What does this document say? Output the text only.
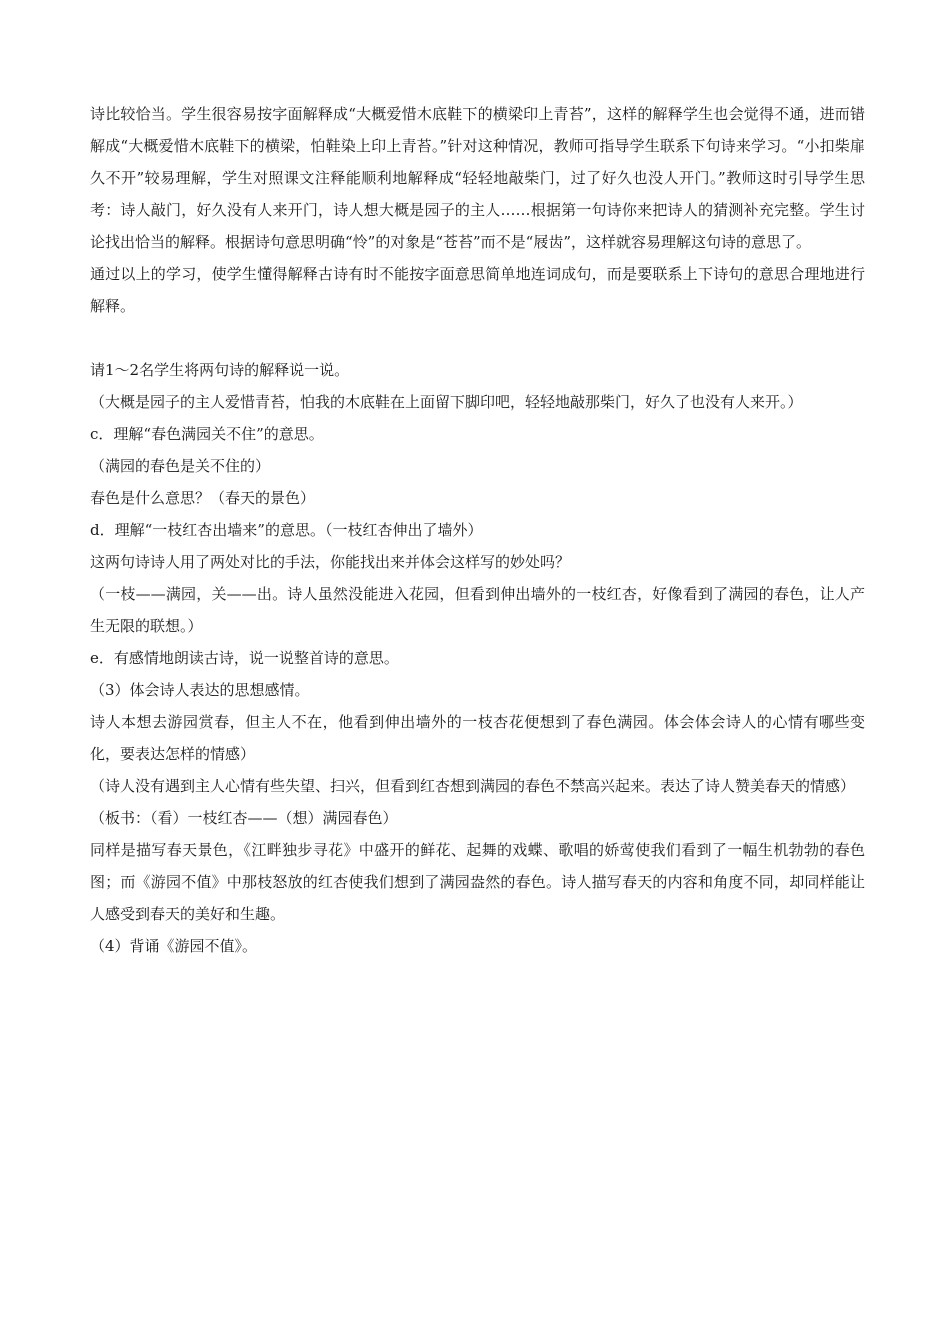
诗比较恰当。学生很容易按字面解释成“大概爱惜木底鞋下的横梁印上青苔”，这样的解释学生也会觉得不通，进而错解成“大概爱惜木底鞋下的横梁，怕鞋染上印上青苔。”针对这种情况，教师可指导学生联系下句诗来学习。“小扣柴扉久不开”较易理解，学生对照课文注释能顺利地解释成“轻轻地敲柴门，过了好久也没人开门。”教师这时引导学生思考：诗人敲门，好久没有人来开门，诗人想大概是园子的主人……根据第一句诗你来把诗人的猜测补充完整。学生讨论找出恰当的解释。根据诗句意思明确“怜”的对象是“苍苔”而不是“屐齿”，这样就容易理解这句诗的意思了。

通过以上的学习，使学生懂得解释古诗有时不能按字面意思简单地连词成句，而是要联系上下诗句的意思合理地进行解释。

请1～2名学生将两句诗的解释说一说。

（大概是园子的主人爱惜青苔，怕我的木底鞋在上面留下脚印吧，轻轻地敲那柴门，好久了也没有人来开。）

c．理解“春色满园关不住”的意思。

（满园的春色是关不住的）

春色是什么意思？（春天的景色）

d．理解“一枝红杏出墙来”的意思。（一枝红杏伸出了墙外）

这两句诗诗人用了两处对比的手法，你能找出来并体会这样写的妙处吗？

（一枝——满园，关——出。诗人虽然没能进入花园，但看到伸出墙外的一枝红杏，好像看到了满园的春色，让人产生无限的联想。）

e．有感情地朗读古诗，说一说整首诗的意思。

（3）体会诗人表达的思想感情。

诗人本想去游园赏春，但主人不在，他看到伸出墙外的一枝杏花便想到了春色满园。体会体会诗人的心情有哪些变化，要表达怎样的情感）

（诗人没有遇到主人心情有些失望、扫兴，但看到红杏想到满园的春色不禁高兴起来。表达了诗人赞美春天的情感）

（板书：（看）一枝红杏——（想）满园春色）

同样是描写春天景色，《江畔独步寻花》中盛开的鲜花、起舞的戏蝶、歌唱的娇莺使我们看到了一幅生机勃勃的春色图；而《游园不值》中那枝怒放的红杏使我们想到了满园盎然的春色。诗人描写春天的内容和角度不同，却同样能让人感受到春天的美好和生趣。

（4）背诵《游园不值》。
